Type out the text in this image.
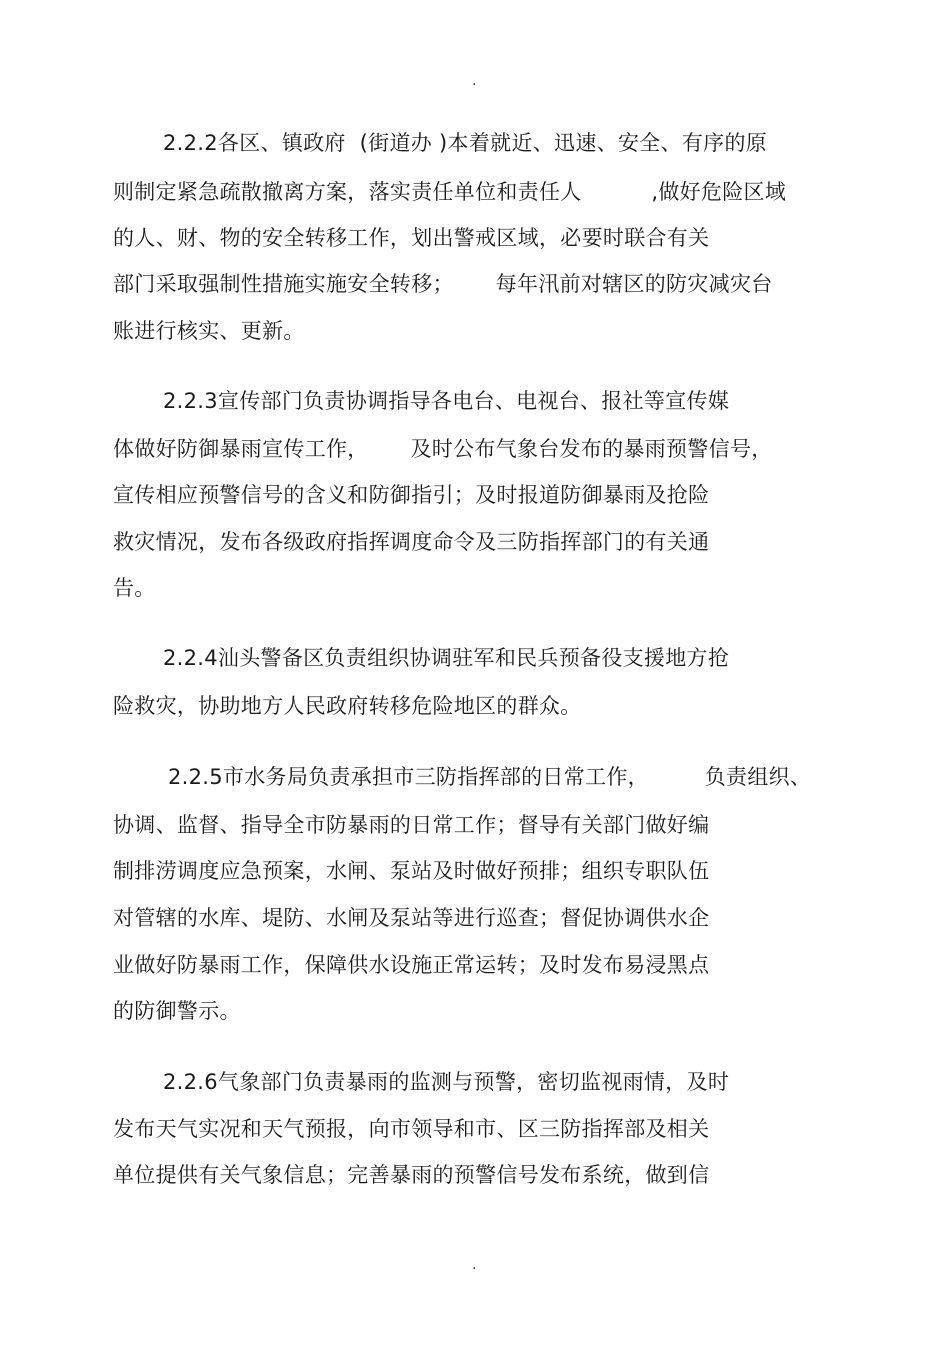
.
2.2.2各区、镇政府  (街道办 )本着就近、迅速、安全、有序的原
则制定紧急疏散撤离方案，落实责任单位和责任人          ,做好危险区域
的人、财、物的安全转移工作，划出警戒区域，必要时联合有关
部门采取强制性措施实施安全转移；      每年汛前对辖区的防灾减灾台
账进行核实、更新。
2.2.3宣传部门负责协调指导各电台、电视台、报社等宣传媒
体做好防御暴雨宣传工作，      及时公布气象台发布的暴雨预警信号，
宣传相应预警信号的含义和防御指引；及时报道防御暴雨及抢险
救灾情况，发布各级政府指挥调度命令及三防指挥部门的有关通
告。
2.2.4汕头警备区负责组织协调驻军和民兵预备役支援地方抢
险救灾，协助地方人民政府转移危险地区的群众。
2.2.5市水务局负责承担市三防指挥部的日常工作，        负责组织、
协调、监督、指导全市防暴雨的日常工作；督导有关部门做好编
制排涝调度应急预案，水闸、泵站及时做好预排；组织专职队伍
对管辖的水库、堤防、水闸及泵站等进行巡查；督促协调供水企
业做好防暴雨工作，保障供水设施正常运转；及时发布易浸黑点
的防御警示。
2.2.6气象部门负责暴雨的监测与预警，密切监视雨情，及时
发布天气实况和天气预报，向市领导和市、区三防指挥部及相关
单位提供有关气象信息；完善暴雨的预警信号发布系统，做到信
.
